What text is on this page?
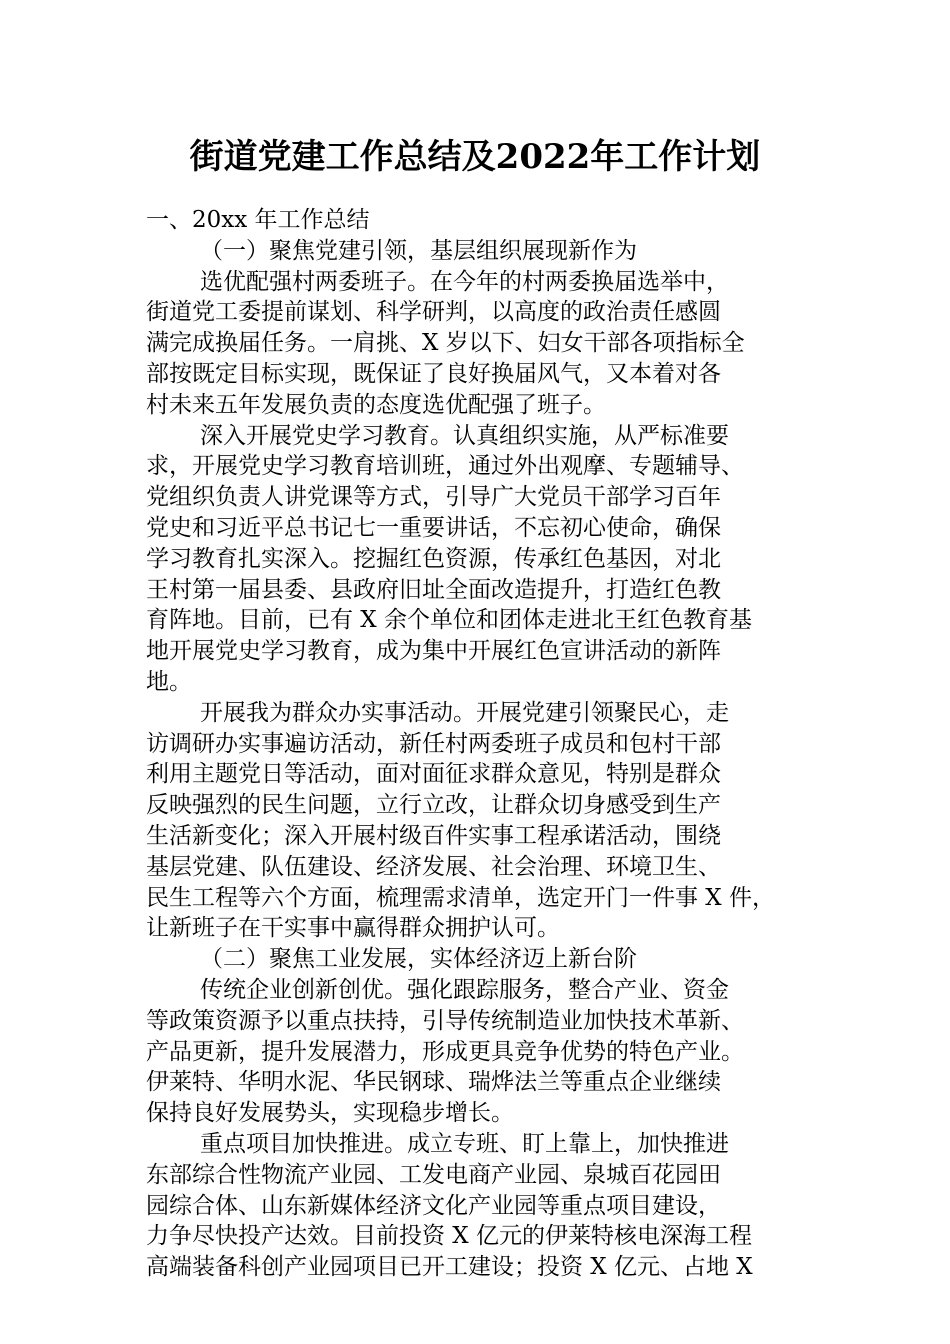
街道党建工作总结及2022年工作计划
一、20xx 年工作总结
（一）聚焦党建引领，基层组织展现新作为
选优配强村两委班子。在今年的村两委换届选举中，
街道党工委提前谋划、科学研判，以高度的政治责任感圆
满完成换届任务。一肩挑、X 岁以下、妇女干部各项指标全
部按既定目标实现，既保证了良好换届风气，又本着对各
村未来五年发展负责的态度选优配强了班子。
深入开展党史学习教育。认真组织实施，从严标准要
求，开展党史学习教育培训班，通过外出观摩、专题辅导、
党组织负责人讲党课等方式，引导广大党员干部学习百年
党史和习近平总书记七一重要讲话，不忘初心使命，确保
学习教育扎实深入。挖掘红色资源，传承红色基因，对北
王村第一届县委、县政府旧址全面改造提升，打造红色教
育阵地。目前，已有 X 余个单位和团体走进北王红色教育基
地开展党史学习教育，成为集中开展红色宣讲活动的新阵
地。
开展我为群众办实事活动。开展党建引领聚民心，走
访调研办实事遍访活动，新任村两委班子成员和包村干部
利用主题党日等活动，面对面征求群众意见，特别是群众
反映强烈的民生问题，立行立改，让群众切身感受到生产
生活新变化；深入开展村级百件实事工程承诺活动，围绕
基层党建、队伍建设、经济发展、社会治理、环境卫生、
民生工程等六个方面，梳理需求清单，选定开门一件事 X 件，
让新班子在干实事中赢得群众拥护认可。
（二）聚焦工业发展，实体经济迈上新台阶
传统企业创新创优。强化跟踪服务，整合产业、资金
等政策资源予以重点扶持，引导传统制造业加快技术革新、
产品更新，提升发展潜力，形成更具竞争优势的特色产业。
伊莱特、华明水泥、华民钢球、瑞烨法兰等重点企业继续
保持良好发展势头，实现稳步增长。
重点项目加快推进。成立专班、盯上靠上，加快推进
东部综合性物流产业园、工发电商产业园、泉城百花园田
园综合体、山东新媒体经济文化产业园等重点项目建设，
力争尽快投产达效。目前投资 X 亿元的伊莱特核电深海工程
高端装备科创产业园项目已开工建设；投资 X 亿元、占地 X
